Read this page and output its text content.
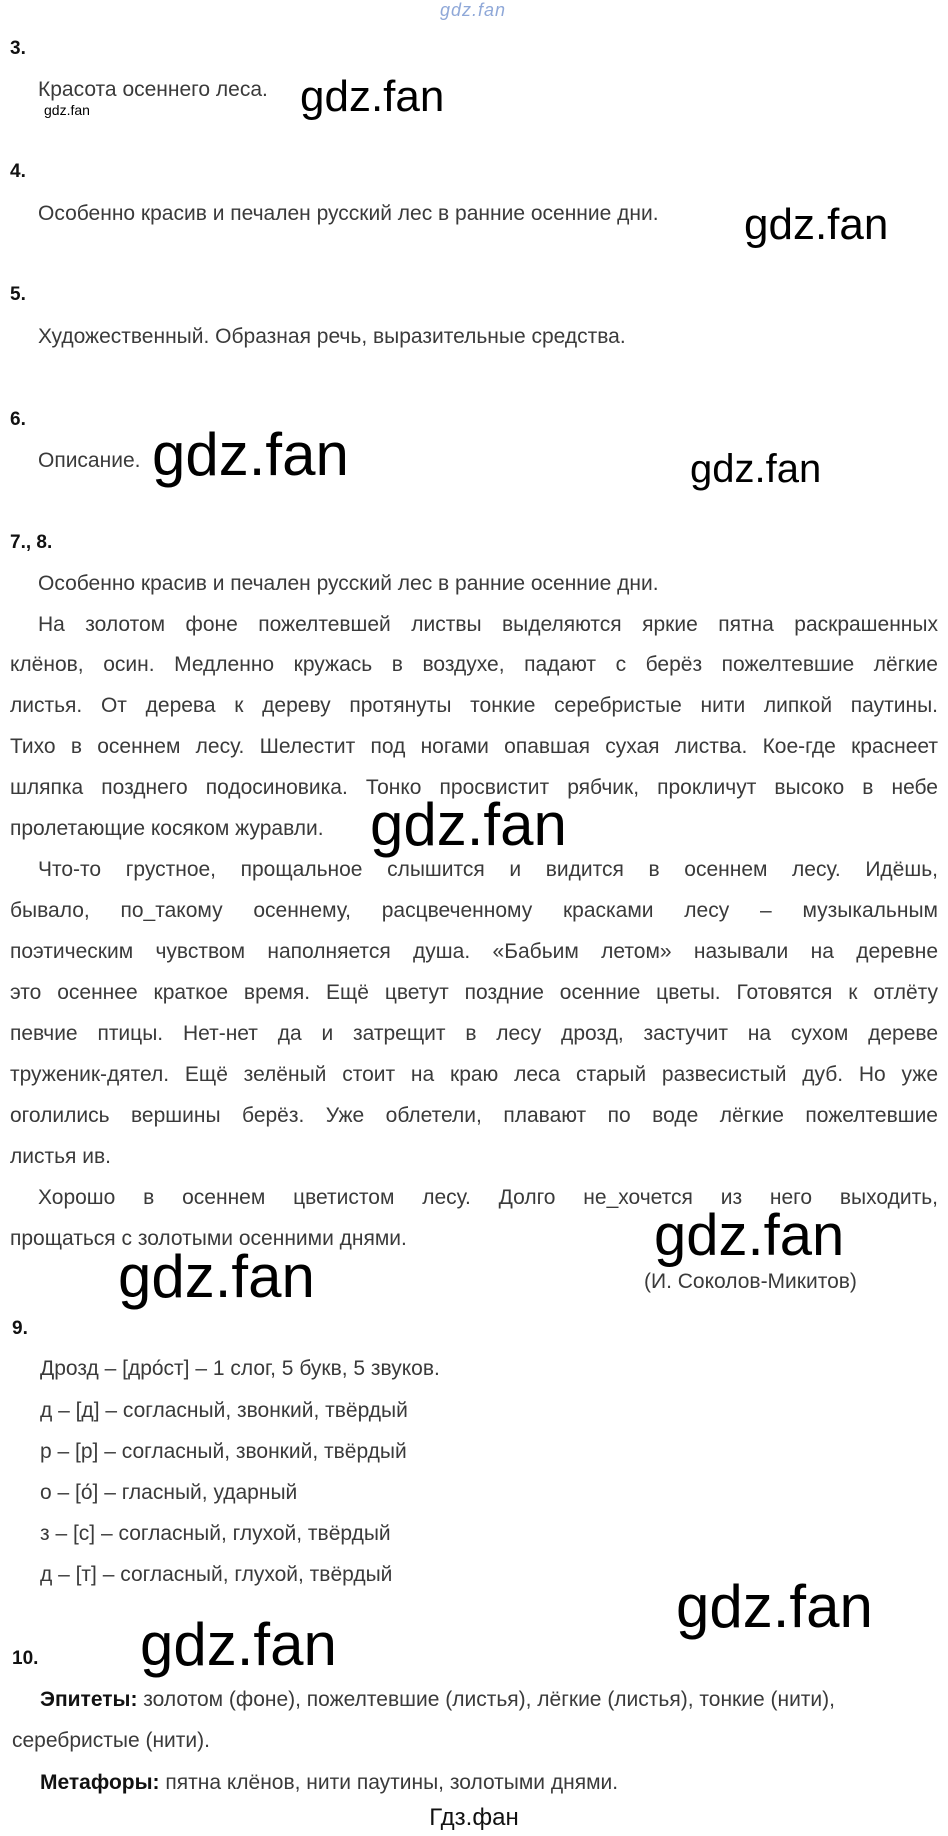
gdz.fan
3.
Красота осеннего леса.
gdz.fan	gdz.fan
4.
Особенно красив и печален русский лес в ранние осенние дни. gdz.fan
5.
Художественный. Образная речь, выразительные средства.
6.
Описание. gdz.fan	gdz.fan
7., 8.
Особенно красив и печален русский лес в ранние осенние дни.
На золотом фоне пожелтевшей листвы выделяются яркие пятна раскрашенных
клёнов, осин. Медленно кружась в воздухе, падают с берёз пожелтевшие лёгкие
листья. От дерева к дереву протянуты тонкие серебристые нити липкой паутины.
Тихо в осеннем лесу. Шелестит под ногами опавшая сухая листва. Кое-где краснеет
шляпка позднего подосиновика. Тонко просвистит рябчик, прокличут высоко в небе
пролетающие косяком журавли. gdz.fan
Что-то грустное, прощальное слышится и видится в осеннем лесу. Идёшь,
бывало, по_такому осеннему, расцвеченному красками лесу – музыкальным
поэтическим чувством наполняется душа. «Бабьим летом» называли на деревне
это осеннее краткое время. Ещё цветут поздние осенние цветы. Готовятся к отлёту
певчие птицы. Нет-нет да и затрещит в лесу дрозд, застучит на сухом дереве
труженик-дятел. Ещё зелёный стоит на краю леса старый развесистый дуб. Но уже
оголились вершины берёз. Уже облетели, плавают по воде лёгкие пожелтевшие
листья ив.
Хорошо в осеннем цветистом лесу. Долго не_хочется из него выходить,
прощаться с золотыми осенними днями.	gdz.fan
gdz.fan	(И. Соколов-Микитов)
9.
Дрозд – [дро́ст] – 1 слог, 5 букв, 5 звуков.
д – [д] – согласный, звонкий, твёрдый
р – [р] – согласный, звонкий, твёрдый
о – [о́] – гласный, ударный
з – [с] – согласный, глухой, твёрдый
д – [т] – согласный, глухой, твёрдый	gdz.fan
10. gdz.fan
Эпитеты: золотом (фоне), пожелтевшие (листья), лёгкие (листья), тонкие (нити),
серебристые (нити).
Метафоры: пятна клёнов, нити паутины, золотыми днями.
Гдз.фан
